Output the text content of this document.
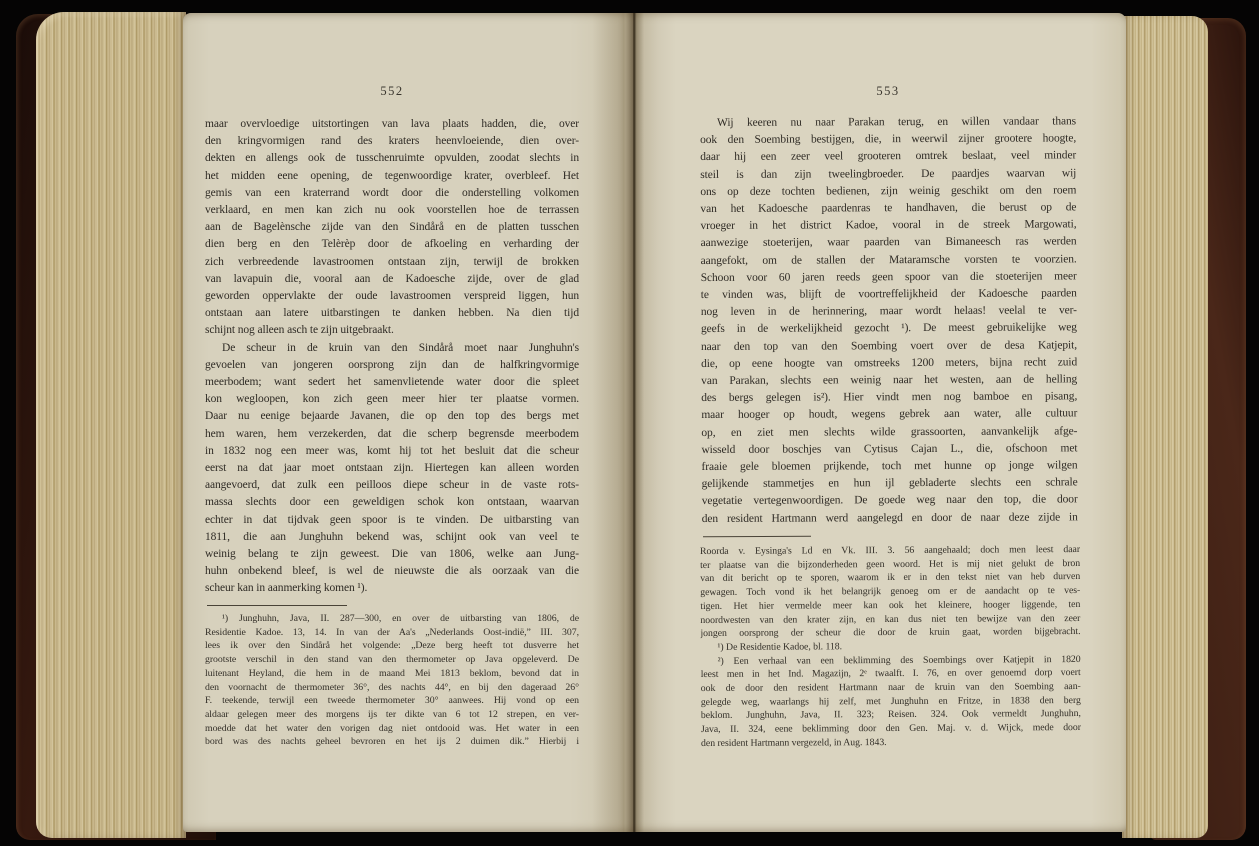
552	553
maar overvloedige uitstortingen van lava plaats hadden, die, over
den kringvormigen rand des kraters heenvloeiende, dien over-
dekten en allengs ook de tusschenruimte opvulden, zoodat slechts in
het midden eene opening, de tegenwoordige krater, overbleef. Het
gemis van een kraterrand wordt door die onderstelling volkomen
verklaard, en men kan zich nu ook voorstellen hoe de terrassen
aan de Bagelènsche zijde van den Sindårå en de platten tusschen
dien berg en den Telèrèp door de afkoeling en verharding der
zich verbreedende lavastroomen ontstaan zijn, terwijl de brokken
van lavapuin die, vooral aan de Kadoesche zijde, over de glad
geworden oppervlakte der oude lavastroomen verspreid liggen, hun
ontstaan aan latere uitbarstingen te danken hebben. Na dien tijd
schijnt nog alleen asch te zijn uitgebraakt.
De scheur in de kruin van den Sindårå moet naar Junghuhn's
gevoelen van jongeren oorsprong zijn dan de halfkringvormige
meerbodem; want sedert het samenvlietende water door die spleet
kon wegloopen, kon zich geen meer hier ter plaatse vormen.
Daar nu eenige bejaarde Javanen, die op den top des bergs met
hem waren, hem verzekerden, dat die scherp begrensde meerbodem
in 1832 nog een meer was, komt hij tot het besluit dat die scheur
eerst na dat jaar moet ontstaan zijn. Hiertegen kan alleen worden
aangevoerd, dat zulk een peilloos diepe scheur in de vaste rots-
massa slechts door een geweldigen schok kon ontstaan, waarvan
echter in dat tijdvak geen spoor is te vinden. De uitbarsting van
1811, die aan Junghuhn bekend was, schijnt ook van veel te
weinig belang te zijn geweest. Die van 1806, welke aan Jung-
huhn onbekend bleef, is wel de nieuwste die als oorzaak van die
scheur kan in aanmerking komen ¹).
¹) Junghuhn, Java, II. 287—300, en over de uitbarsting van 1806, de
Residentie Kadoe. 13, 14. In van der Aa's „Nederlands Oost-indië,” III. 307,
lees ik over den Sindårå het volgende: „Deze berg heeft tot dusverre het
grootste verschil in den stand van den thermometer op Java opgeleverd. De
luitenant Heyland, die hem in de maand Mei 1813 beklom, bevond dat in
den voornacht de thermometer 36°, des nachts 44°, en bij den dageraad 26°
F. teekende, terwijl een tweede thermometer 30° aanwees. Hij vond op een
aldaar gelegen meer des morgens ijs ter dikte van 6 tot 12 strepen, en ver-
moedde dat het water den vorigen dag niet ontdooid was. Het water in een
bord was des nachts geheel bevroren en het ijs 2 duimen dik.” Hierbij i
Wij keeren nu naar Parakan terug, en willen vandaar thans
ook den Soembing bestijgen, die, in weerwil zijner grootere hoogte,
daar hij een zeer veel grooteren omtrek beslaat, veel minder
steil is dan zijn tweelingbroeder. De paardjes waarvan wij
ons op deze tochten bedienen, zijn weinig geschikt om den roem
van het Kadoesche paardenras te handhaven, die berust op de
vroeger in het district Kadoe, vooral in de streek Margowati,
aanwezige stoeterijen, waar paarden van Bimaneesch ras werden
aangefokt, om de stallen der Mataramsche vorsten te voorzien.
Schoon voor 60 jaren reeds geen spoor van die stoeterijen meer
te vinden was, blijft de voortreffelijkheid der Kadoesche paarden
nog leven in de herinnering, maar wordt helaas! veelal te ver-
geefs in de werkelijkheid gezocht ¹). De meest gebruikelijke weg
naar den top van den Soembing voert over de desa Katjepit,
die, op eene hoogte van omstreeks 1200 meters, bijna recht zuid
van Parakan, slechts een weinig naar het westen, aan de helling
des bergs gelegen is²). Hier vindt men nog bamboe en pisang,
maar hooger op houdt, wegens gebrek aan water, alle cultuur
op, en ziet men slechts wilde grassoorten, aanvankelijk afge-
wisseld door boschjes van Cytisus Cajan L., die, ofschoon met
fraaie gele bloemen prijkende, toch met hunne op jonge wilgen
gelijkende stammetjes en hun ijl gebladerte slechts een schrale
vegetatie vertegenwoordigen. De goede weg naar den top, die door
den resident Hartmann werd aangelegd en door de naar deze zijde in
Roorda v. Eysinga's Ld en Vk. III. 3. 56 aangehaald; doch men leest daar
ter plaatse van die bijzonderheden geen woord. Het is mij niet gelukt de bron
van dit bericht op te sporen, waarom ik er in den tekst niet van heb durven
gewagen. Toch vond ik het belangrijk genoeg om er de aandacht op te ves-
tigen. Het hier vermelde meer kan ook het kleinere, hooger liggende, ten
noordwesten van den krater zijn, en kan dus niet ten bewijze van den zeer
jongen oorsprong der scheur die door de kruin gaat, worden bijgebracht.
¹) De Residentie Kadoe, bl. 118.
²) Een verhaal van een beklimming des Soembings over Katjepit in 1820
leest men in het Ind. Magazijn, 2ᵉ twaalft. I. 76, en over genoemd dorp voert
ook de door den resident Hartmann naar de kruin van den Soembing aan-
gelegde weg, waarlangs hij zelf, met Junghuhn en Fritze, in 1838 den berg
beklom. Junghuhn, Java, II. 323; Reisen. 324. Ook vermeldt Junghuhn,
Java, II. 324, eene beklimming door den Gen. Maj. v. d. Wijck, mede door
den resident Hartmann vergezeld, in Aug. 1843.
